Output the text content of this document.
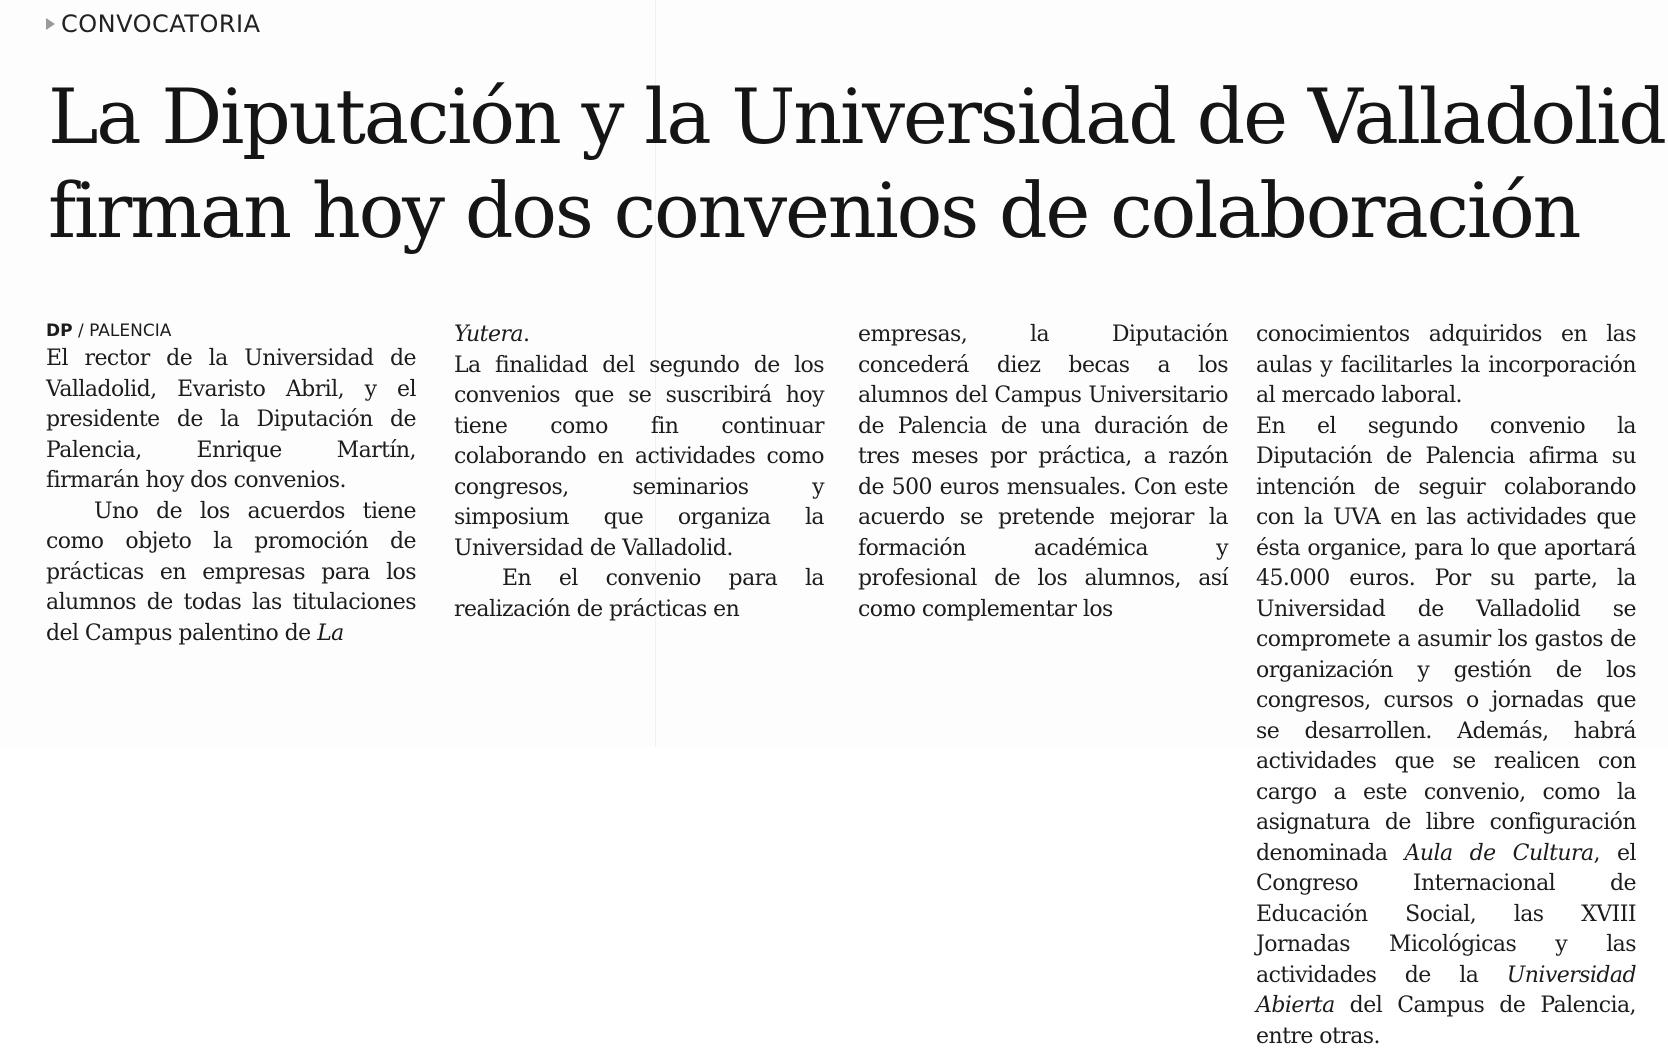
CONVOCATORIA
La Diputación y la Universidad de Valladolid
firman hoy dos convenios de colaboración
DP / PALENCIA

El rector de la Universidad de Valladolid, Evaristo Abril, y el presidente de la Diputación de Palencia, Enrique Martín, firmarán hoy dos convenios.

Uno de los acuerdos tiene como objeto la promoción de prácticas en empresas para los alumnos de todas las titulaciones del Campus palentino de La

Yutera.

La finalidad del segundo de los convenios que se suscribirá hoy tiene como fin continuar colaborando en actividades como congresos, seminarios y simposium que organiza la Universidad de Valladolid.

En el convenio para la realización de prácticas en

empresas, la Diputación concederá diez becas a los alumnos del Campus Universitario de Palencia de una duración de tres meses por práctica, a razón de 500 euros mensuales. Con este acuerdo se pretende mejorar la formación académica y profesional de los alumnos, así como complementar los

conocimientos adquiridos en las aulas y facilitarles la incorporación al mercado laboral.

En el segundo convenio la Diputación de Palencia afirma su intención de seguir colaborando con la UVA en las actividades que ésta organice, para lo que aportará 45.000 euros. Por su parte, la Universidad de Valladolid se compromete a asumir los gastos de organización y gestión de los congresos, cursos o jornadas que se desarrollen. Además, habrá actividades que se realicen con cargo a este convenio, como la asignatura de libre configuración denominada Aula de Cultura, el Congreso Internacional de Educación Social, las XVIII Jornadas Micológicas y las actividades de la Universidad Abierta del Campus de Palencia, entre otras.
